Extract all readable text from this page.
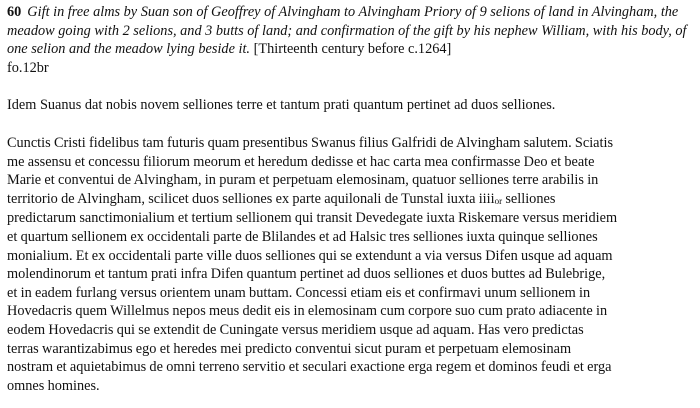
60 Gift in free alms by Suan son of Geoffrey of Alvingham to Alvingham Priory of 9 selions of land in Alvingham, the meadow going with 2 selions, and 3 butts of land; and confirmation of the gift by his nephew William, with his body, of one selion and the meadow lying beside it. [Thirteenth century before c.1264]
fo.12br

Idem Suanus dat nobis novem selliones terre et tantum prati quantum pertinet ad duos selliones.

Cunctis Cristi fidelibus tam futuris quam presentibus Swanus filius Galfridi de Alvingham salutem. Sciatis
me assensu et concessu filiorum meorum et heredum dedisse et hac carta mea confirmasse Deo et beate
Marie et conventui de Alvingham, in puram et perpetuam elemosinam, quatuor selliones terre arabilis in
territorio de Alvingham, scilicet duos selliones ex parte aquilonali de Tunstal iuxta iiiior selliones
predictarum sanctimonialium et tertium sellionem qui transit Devedegate iuxta Riskemare versus meridiem
et quartum sellionem ex occidentali parte de Blilandes et ad Halsic tres selliones iuxta quinque selliones
monialium. Et ex occidentali parte ville duos selliones qui se extendunt a via versus Difen usque ad aquam
molendinorum et tantum prati infra Difen quantum pertinet ad duos selliones et duos buttes ad Bulebrige,
et in eadem furlang versus orientem unam buttam. Concessi etiam eis et confirmavi unum sellionem in
Hovedacris quem Willelmus nepos meus dedit eis in elemosinam cum corpore suo cum prato adiacente in
eodem Hovedacris qui se extendit de Cuningate versus meridiem usque ad aquam. Has vero predictas
terras warantizabimus ego et heredes mei predicto conventui sicut puram et perpetuam elemosinam
nostram et aquietabimus de omni terreno servitio et seculari exactione erga regem et dominos feudi et erga
omnes homines.
